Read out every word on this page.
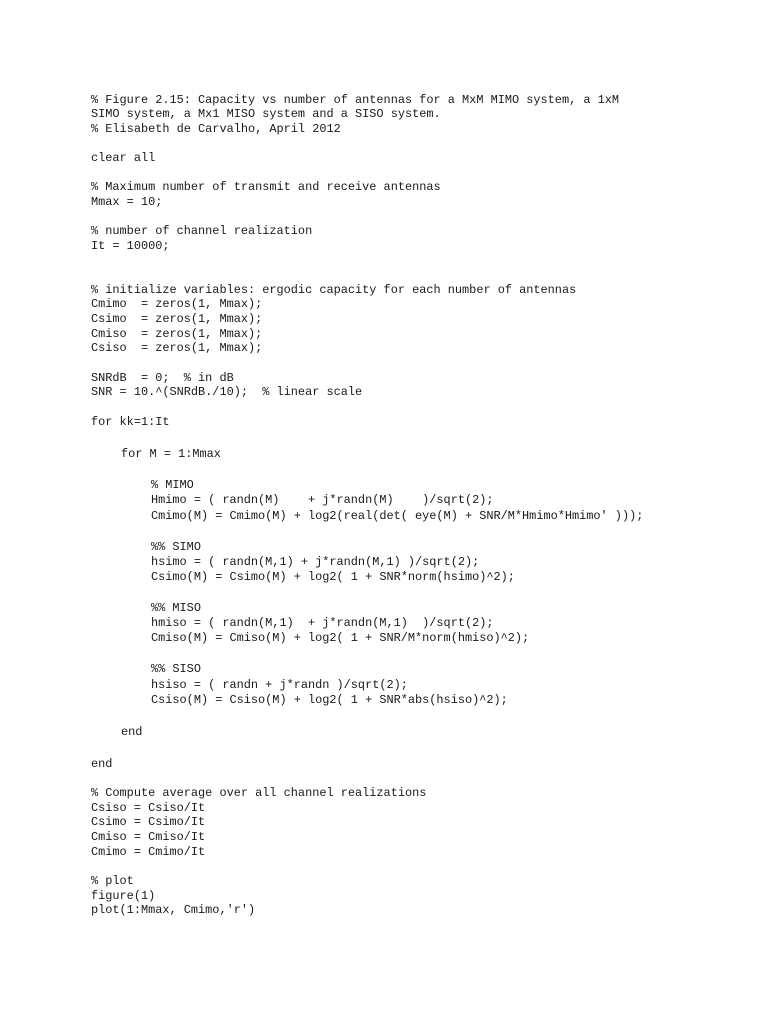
% Figure 2.15: Capacity vs number of antennas for a MxM MIMO system, a 1xM

SIMO system, a Mx1 MISO system and a SISO system.

% Elisabeth de Carvalho, April 2012

clear all

% Maximum number of transmit and receive antennas

Mmax = 10;

% number of channel realization

It = 10000;

% initialize variables: ergodic capacity for each number of antennas

Cmimo  = zeros(1, Mmax);

Csimo  = zeros(1, Mmax);

Cmiso  = zeros(1, Mmax);

Csiso  = zeros(1, Mmax);

SNRdB  = 0;  % in dB

SNR = 10.^(SNRdB./10);  % linear scale

for kk=1:It

for M = 1:Mmax

% MIMO

Hmimo = ( randn(M)    + j*randn(M)    )/sqrt(2);

Cmimo(M) = Cmimo(M) + log2(real(det( eye(M) + SNR/M*Hmimo*Hmimo' )));

%% SIMO

hsimo = ( randn(M,1) + j*randn(M,1) )/sqrt(2);

Csimo(M) = Csimo(M) + log2( 1 + SNR*norm(hsimo)^2);

%% MISO

hmiso = ( randn(M,1)  + j*randn(M,1)  )/sqrt(2);

Cmiso(M) = Cmiso(M) + log2( 1 + SNR/M*norm(hmiso)^2);

%% SISO

hsiso = ( randn + j*randn )/sqrt(2);

Csiso(M) = Csiso(M) + log2( 1 + SNR*abs(hsiso)^2);

end

end

% Compute average over all channel realizations

Csiso = Csiso/It

Csimo = Csimo/It

Cmiso = Cmiso/It

Cmimo = Cmimo/It

% plot

figure(1)

plot(1:Mmax, Cmimo,'r')
